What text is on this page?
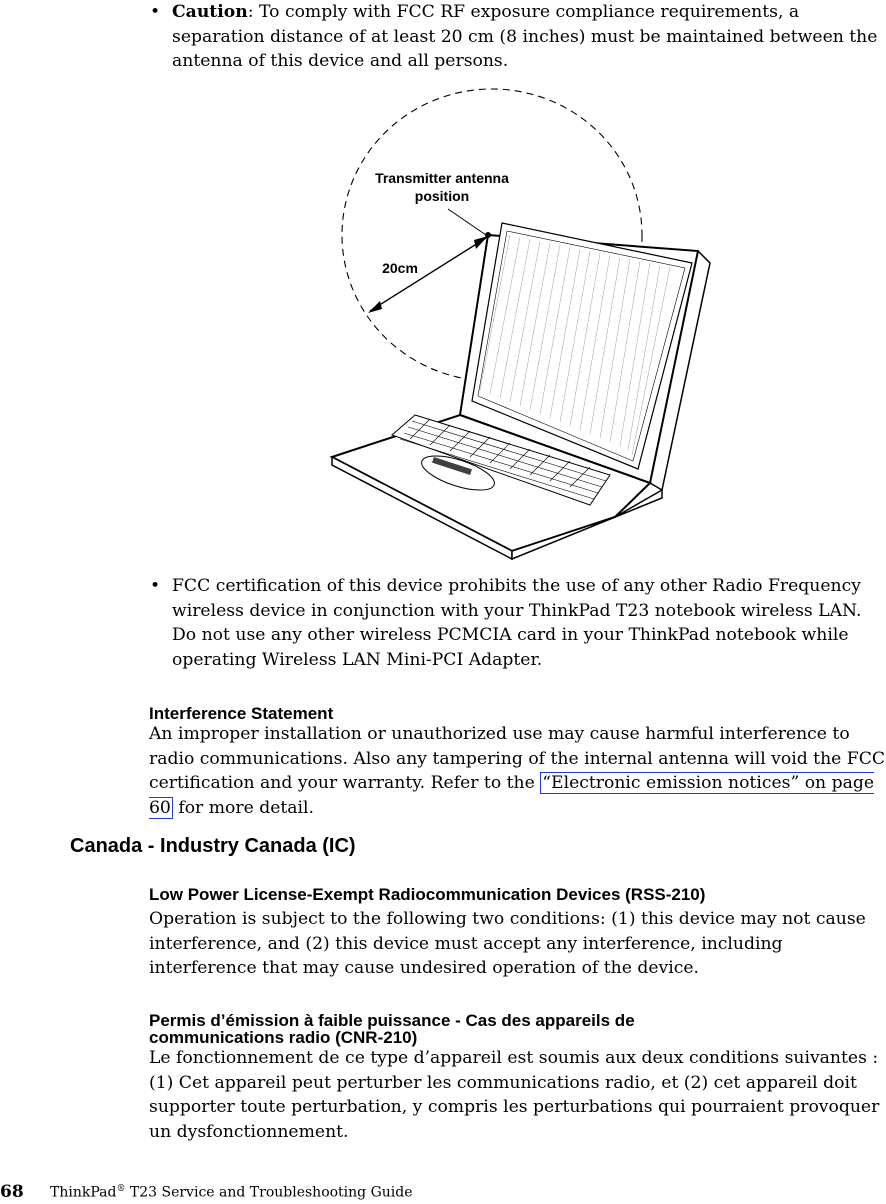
• Caution: To comply with FCC RF exposure compliance requirements, a separation distance of at least 20 cm (8 inches) must be maintained between the antenna of this device and all persons.
Transmitter antenna
position
20cm
• FCC certification of this device prohibits the use of any other Radio Frequency wireless device in conjunction with your ThinkPad T23 notebook wireless LAN. Do not use any other wireless PCMCIA card in your ThinkPad notebook while operating Wireless LAN Mini-PCI Adapter.
Interference Statement
An improper installation or unauthorized use may cause harmful interference to radio communications. Also any tampering of the internal antenna will void the FCC certification and your warranty. Refer to the “Electronic emission notices” on page 60 for more detail.
Canada - Industry Canada (IC)
Low Power License-Exempt Radiocommunication Devices (RSS-210)
Operation is subject to the following two conditions: (1) this device may not cause interference, and (2) this device must accept any interference, including interference that may cause undesired operation of the device.
Permis d’émission à faible puissance - Cas des appareils de
communications radio (CNR-210)
Le fonctionnement de ce type d’appareil est soumis aux deux conditions suivantes : (1) Cet appareil peut perturber les communications radio, et (2) cet appareil doit supporter toute perturbation, y compris les perturbations qui pourraient provoquer un dysfonctionnement.
68 ThinkPad® T23 Service and Troubleshooting Guide
